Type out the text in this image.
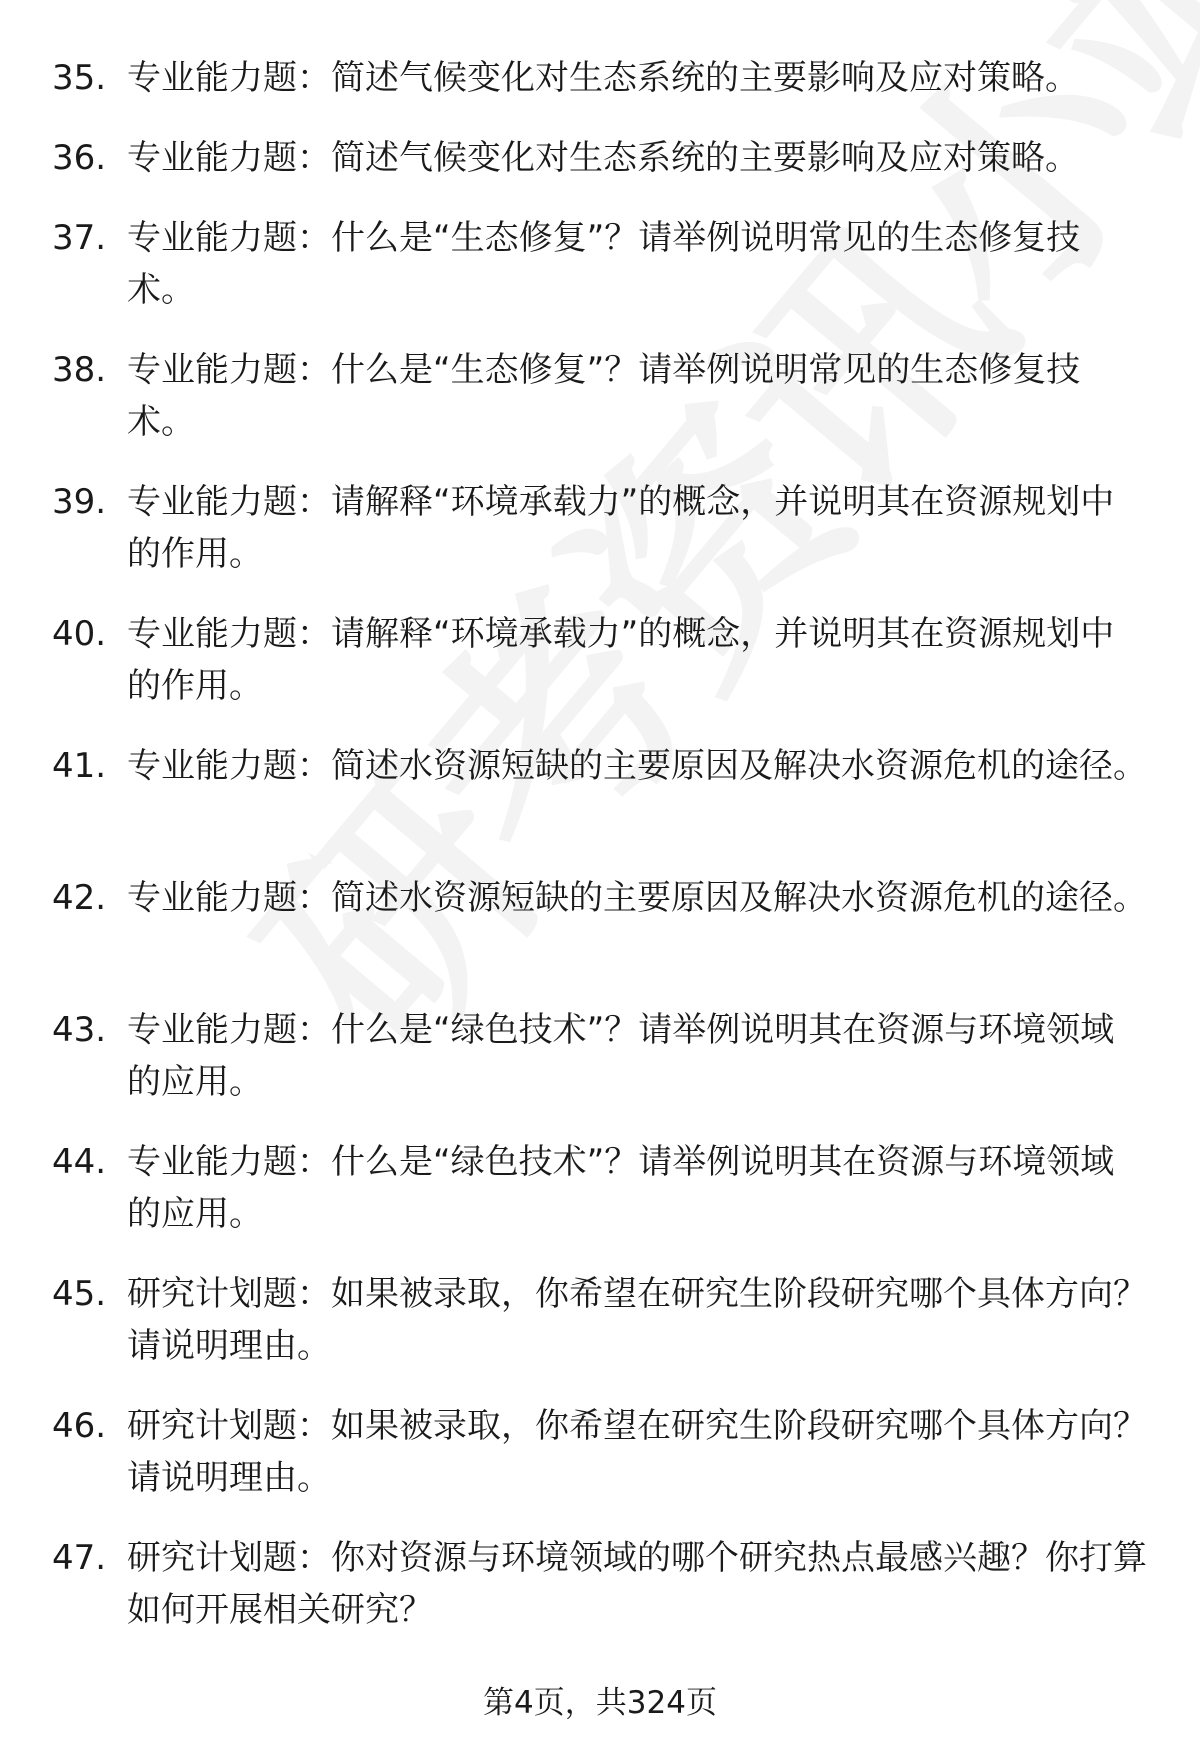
35. 专业能力题：简述气候变化对生态系统的主要影响及应对策略。
36. 专业能力题：简述气候变化对生态系统的主要影响及应对策略。
37. 专业能力题：什么是“生态修复”？请举例说明常见的生态修复技术。
38. 专业能力题：什么是“生态修复”？请举例说明常见的生态修复技术。
39. 专业能力题：请解释“环境承载力”的概念，并说明其在资源规划中的作用。
40. 专业能力题：请解释“环境承载力”的概念，并说明其在资源规划中的作用。
41. 专业能力题：简述水资源短缺的主要原因及解决水资源危机的途径。
42. 专业能力题：简述水资源短缺的主要原因及解决水资源危机的途径。
43. 专业能力题：什么是“绿色技术”？请举例说明其在资源与环境领域的应用。
44. 专业能力题：什么是“绿色技术”？请举例说明其在资源与环境领域的应用。
45. 研究计划题：如果被录取，你希望在研究生阶段研究哪个具体方向？请说明理由。
46. 研究计划题：如果被录取，你希望在研究生阶段研究哪个具体方向？请说明理由。
47. 研究计划题：你对资源与环境领域的哪个研究热点最感兴趣？你打算如何开展相关研究？
第4页，共324页
